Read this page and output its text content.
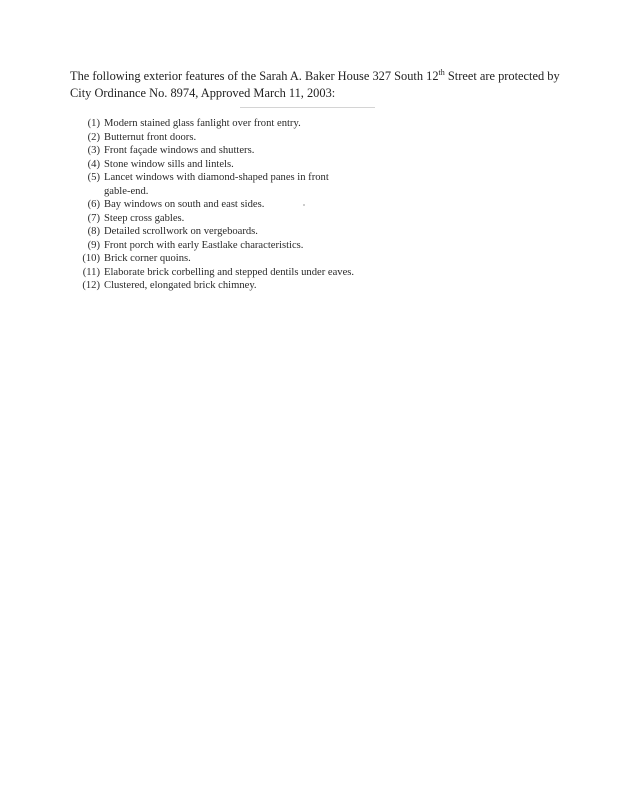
The following exterior features of the Sarah A. Baker House 327 South 12th Street are protected by City Ordinance No. 8974, Approved March 11, 2003:

(1) Modern stained glass fanlight over front entry.
(2) Butternut front doors.
(3) Front façade windows and shutters.
(4) Stone window sills and lintels.
(5) Lancet windows with diamond-shaped panes in front gable-end.
(6) Bay windows on south and east sides.
(7) Steep cross gables.
(8) Detailed scrollwork on vergeboards.
(9) Front porch with early Eastlake characteristics.
(10) Brick corner quoins.
(11) Elaborate brick corbelling and stepped dentils under eaves.
(12) Clustered, elongated brick chimney.
